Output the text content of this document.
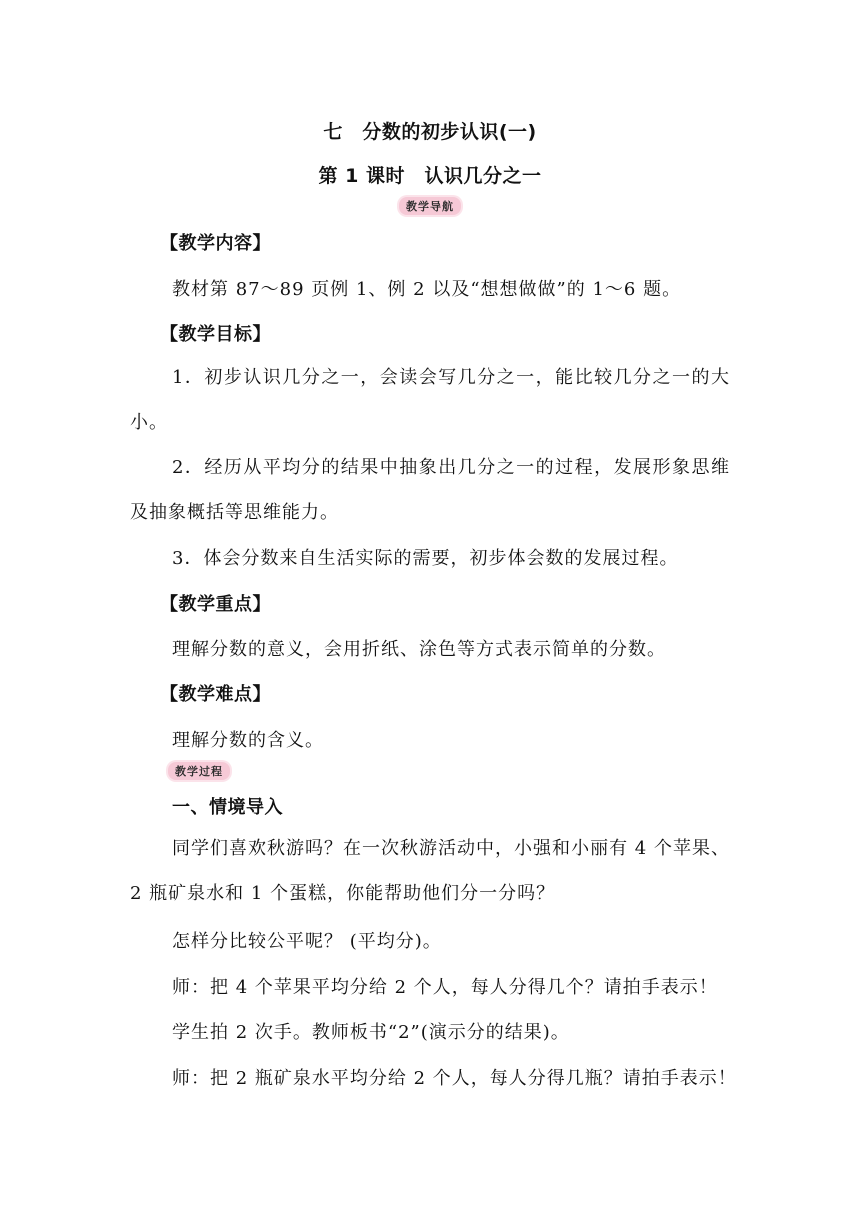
七　分数的初步认识(一)
第 1 课时　认识几分之一
教学导航
【教学内容】
教材第 87～89 页例 1、例 2 以及“想想做做”的 1～6 题。
【教学目标】
1．初步认识几分之一，会读会写几分之一，能比较几分之一的大小。
2．经历从平均分的结果中抽象出几分之一的过程，发展形象思维及抽象概括等思维能力。
3．体会分数来自生活实际的需要，初步体会数的发展过程。
【教学重点】
理解分数的意义，会用折纸、涂色等方式表示简单的分数。
【教学难点】
理解分数的含义。
教学过程
一、情境导入
同学们喜欢秋游吗？在一次秋游活动中，小强和小丽有 4 个苹果、2 瓶矿泉水和 1 个蛋糕，你能帮助他们分一分吗？
怎样分比较公平呢？ (平均分)。
师：把 4 个苹果平均分给 2 个人，每人分得几个？请拍手表示！
学生拍 2 次手。教师板书“2”(演示分的结果)。
师：把 2 瓶矿泉水平均分给 2 个人，每人分得几瓶？请拍手表示！
